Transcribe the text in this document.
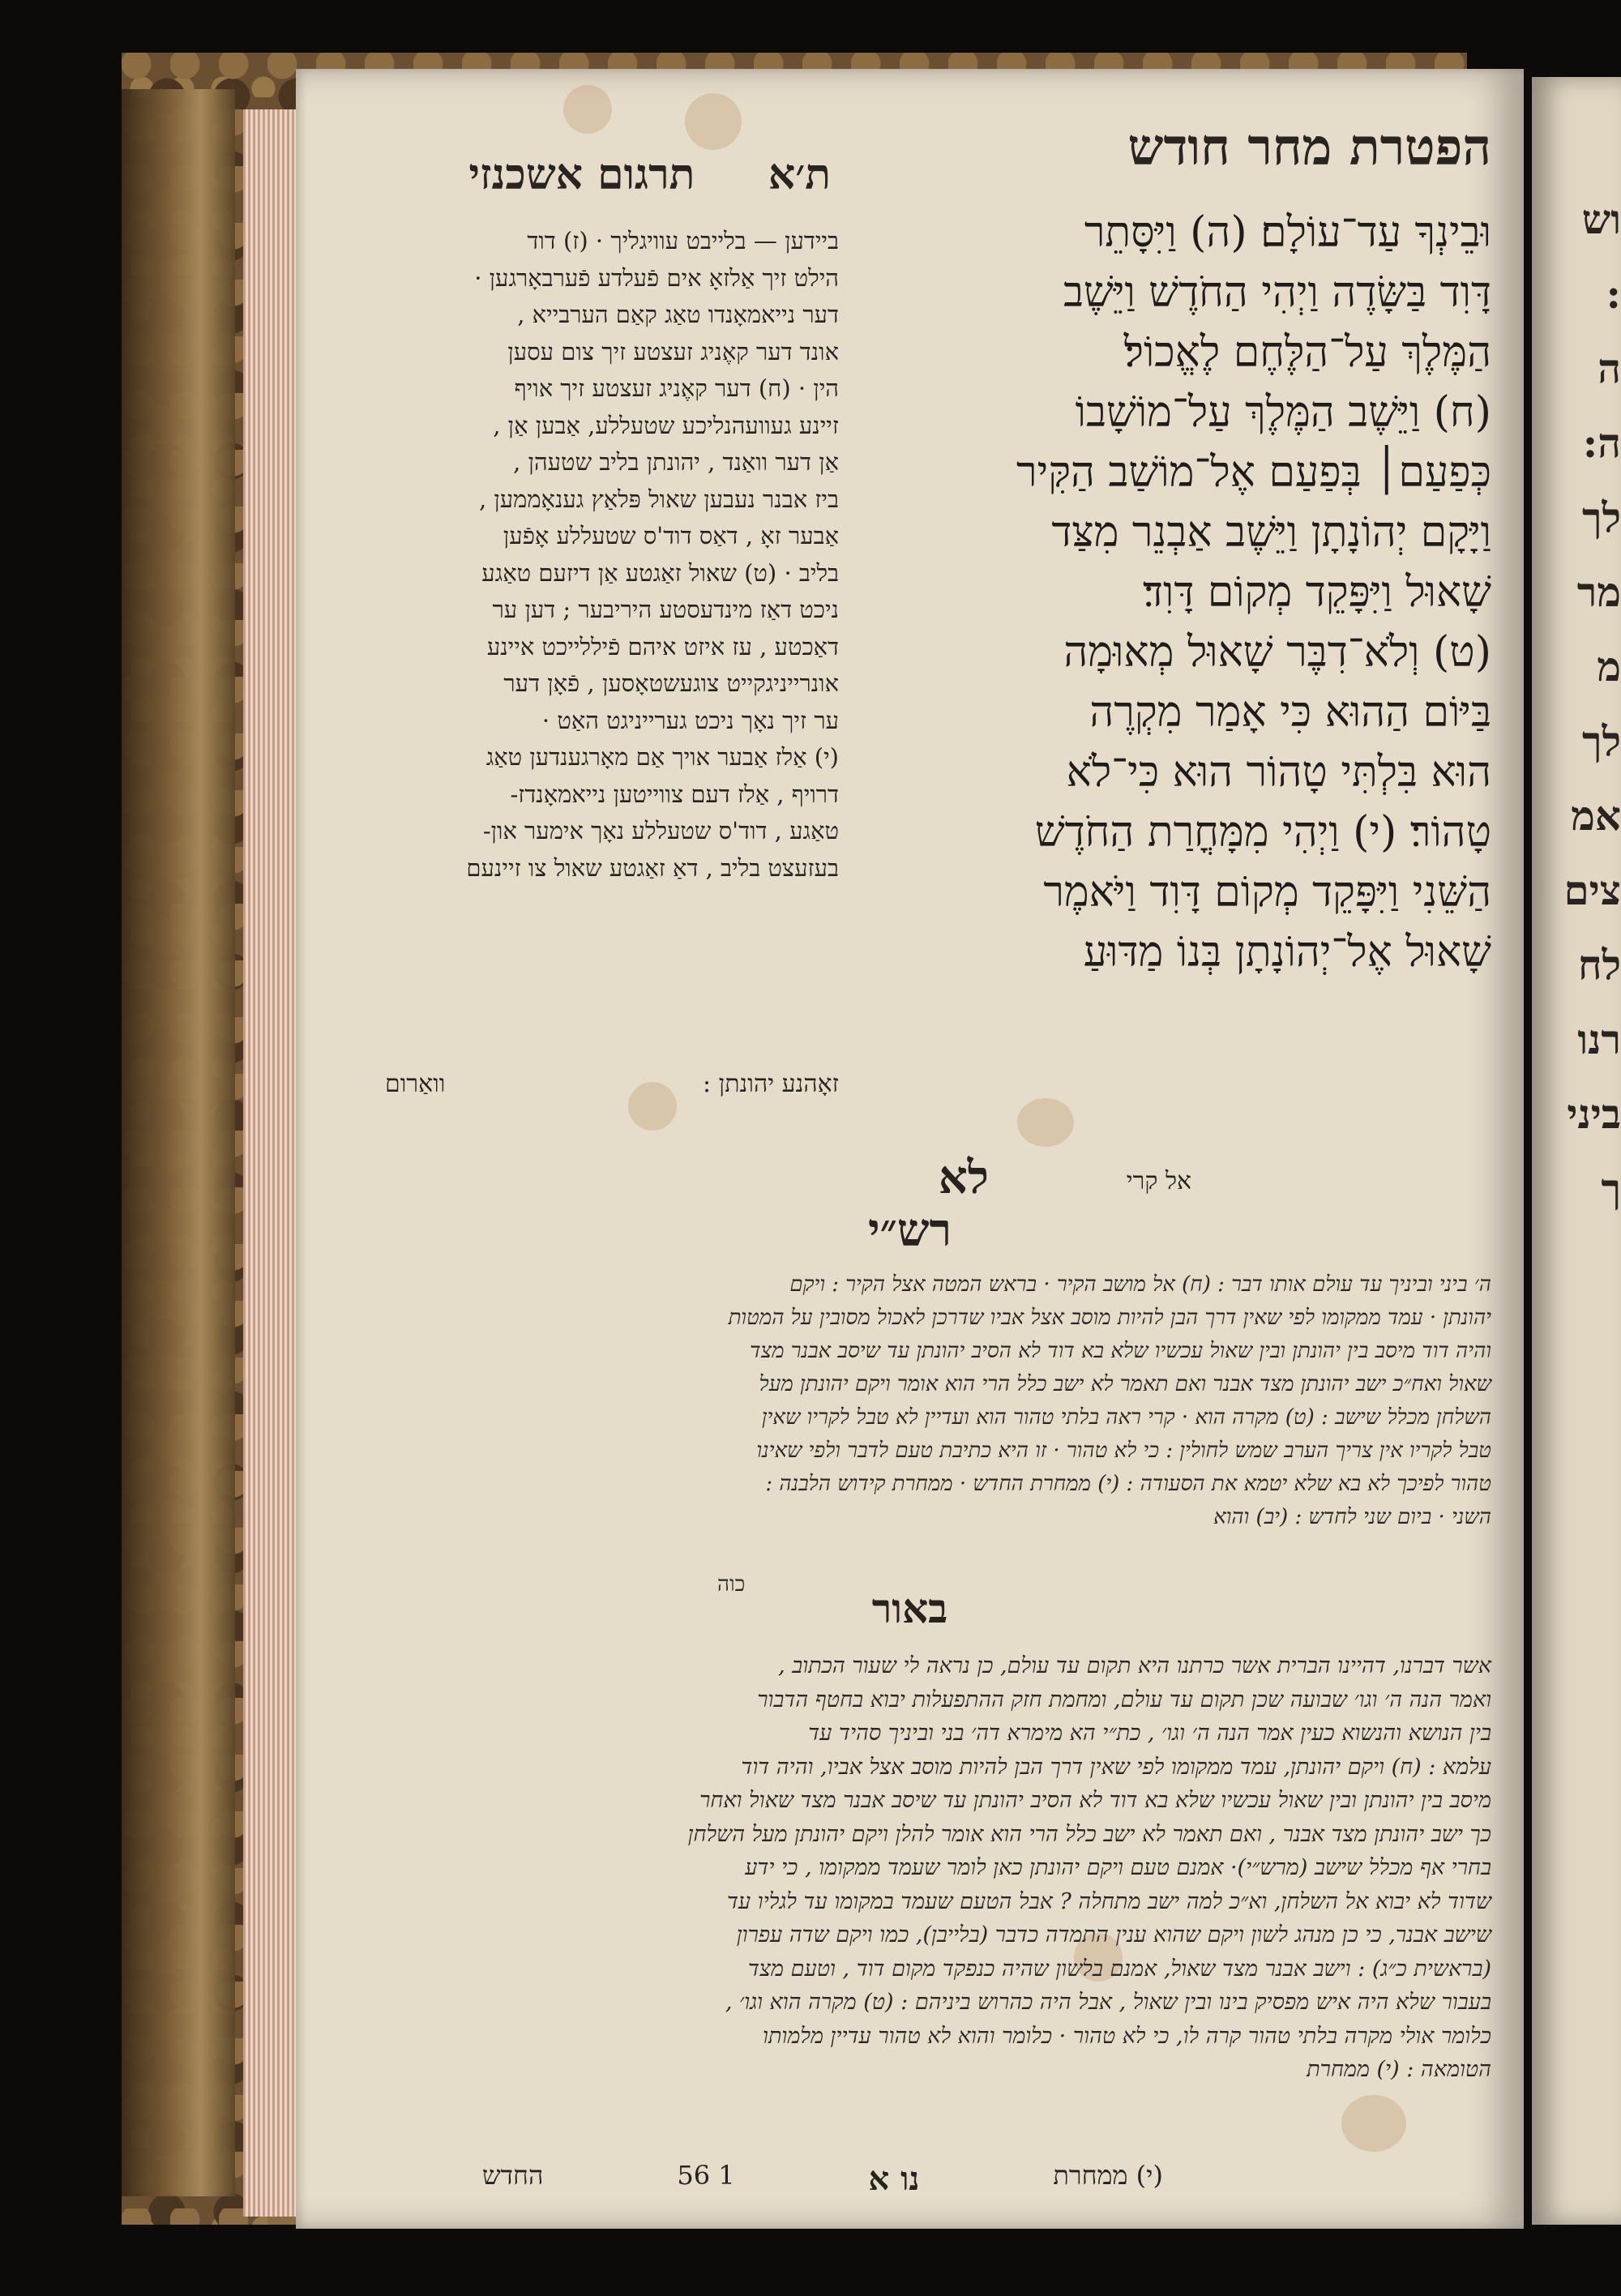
הפטרת מחר חודש
ת׳א     תרגום אשכנזי

וּבֵינְךָ עַד־עוֹלָם׃ (ה) וַיִּסָּתֵר

דָּוִד בַּשָּׂדֶה וַיְהִי הַחֹדֶשׁ וַיֵּשֶׁב

הַמֶּלֶךְ עַל־הַלֶּחֶם לֶאֱכוֹל׃

(ח) וַיֵּשֶׁב הַמֶּלֶךְ עַל־מוֹשָׁבוֹ

כְּפַעַם׀ בְּפַעַם אֶל־מוֹשַׁב הַקִּיר

וַיָּקָם יְהוֹנָתָן וַיֵּשֶׁב אַבְנֵר מִצַּד

שָׁאוּל וַיִּפָּקֵד מְקוֹם דָּוִד׃

(ט) וְלֹא־דִבֶּר שָׁאוּל מְאוּמָה

בַּיּוֹם הַהוּא כִּי אָמַר מִקְרֶה

הוּא בִּלְתִּי טָהוֹר הוּא כִּי־לֹא

טָהוֹר׃ (י) וַיְהִי מִמָּחֳרַת הַחֹדֶשׁ

הַשֵּׁנִי וַיִּפָּקֵד מְקוֹם דָּוִד וַיֹּאמֶר

שָׁאוּל אֶל־יְהוֹנָתָן בְּנוֹ מַדּוּעַ

ביידען — בלייבט עוויגליך · (ז) דוד

הילט זיך אַלזאָ אים פֿעלדע פֿערבאָרגען ·

דער נייאמאָנדו טאַג קאַם הערבייא ,

אונד דער קאֶניג זעצטע זיך צום עסען

הין · (ח) דער קאֶניג זעצטע זיך אויף

זיינע געוועהנליכע שטעללע, אַבען אַן ,

אַן דער וואַנד , יהונתן בליב שטעהן ,

ביז אבנר נעבען שאול פּלאַץ גענאָממען ,

אַבער זאָ , דאַס דוד'ס שטעללע אָפֿען

בליב · (ט) שאול זאַגטע אַן דיזעם טאַגע

ניכט דאַז מינדעסטע היריבער ; דען ער

דאַכטע , עז איזט איהם פֿיללייכט איינע

אונרייניגקייט צוגעשטאָסען , פֿאָן דער

ער זיך נאָך ניכט גערייניגט האַט ·

(י) אַלז אַבער אויך אַם מאָרגענדען טאַג

דרויף , אַלז דעם צווייטען נייאמאָנדז-

טאַגע , דוד'ס שטעללע נאָך אימער און-

בעזעצט בליב , דאַ זאַגטע שאול צו זיינעם

זאָהנע יהונתן :
וואַרום
אל קרי
לא
רש״י

ה׳ ביני וביניך עד עולם אותו דבר : (ח) אל מושב הקיר · בראש המטה אצל הקיר : ויקם

יהונתן · עמד ממקומו לפי שאין דרך הבן להיות מוסב אצל אביו שדרכן לאכול מסובין על המטות

והיה דוד מיסב בין יהונתן ובין שאול עכשיו שלא בא דוד לא הסיב יהונתן עד שיסב אבנר מצד

שאול ואח״כ ישב יהונתן מצד אבנר ואם תאמר לא ישב כלל הרי הוא אומר ויקם יהונתן מעל

השלחן מכלל שישב : (ט) מקרה הוא · קרי ראה בלתי טהור הוא ועדיין לא טבל לקריו שאין

טבל לקריו אין צריך הערב שמש לחולין : כי לא טהור · זו היא כתיבת טעם לדבר ולפי שאינו

טהור לפיכך לא בא שלא יטמא את הסעודה : (י) ממחרת החדש · ממחרת קידוש הלבנה :

השני · ביום שני לחדש : (יב) והוא

כוה	באור

אשר דברנו, דהיינו הברית אשר כרתנו היא תקום עד עולם, כן נראה לי שעור הכתוב ,

ואמר הנה ה׳ וגו׳ שבועה שכן תקום עד עולם, ומחמת חזק ההתפעלות יבוא בחטף הדבור

בין הנושא והנשוא כעין אמר הנה ה׳ וגו׳ , כת״י הא מימרא דה׳ בני וביניך סהיד עד

עלמא : (ח) ויקם יהונתן, עמד ממקומו לפי שאין דרך הבן להיות מוסב אצל אביו, והיה דוד

מיסב בין יהונתן ובין שאול עכשיו שלא בא דוד לא הסיב יהונתן עד שיסב אבנר מצד שאול ואחר

כך ישב יהונתן מצד אבנר , ואם תאמר לא ישב כלל הרי הוא אומר להלן ויקם יהונתן מעל השלחן

בחרי אף מכלל שישב (מרש״י)· אמנם טעם ויקם יהונתן כאן לומר שעמד ממקומו , כי ידע

שדוד לא יבוא אל השלחן, וא״כ למה ישב מתחלה ? אבל הטעם שעמד במקומו עד לגליו עד

שישב אבנר, כי כן מנהג לשון ויקם שהוא ענין התמדה כדבר (בלייבן), כמו ויקם שדה עפרון

(בראשית כ״ג) : וישב אבנר מצד שאול, אמנם בלשון שהיה כנפקד מקום דוד , וטעם מצד

בעבור שלא היה איש מפסיק בינו ובין שאול , אבל היה כהרוש ביניהם : (ט) מקרה הוא וגו׳ ,

כלומר אולי מקרה בלתי טהור קרה לו, כי לא טהור · כלומר והוא לא טהור עדיין מלמותו

הטומאה : (י) ממחרת

(י) ממחרת
נו א
1 56
החדש
וש
:
ה
ה:
לך
מר
מ
לך
אמ
צים
לח
רנו
ביני
ך
